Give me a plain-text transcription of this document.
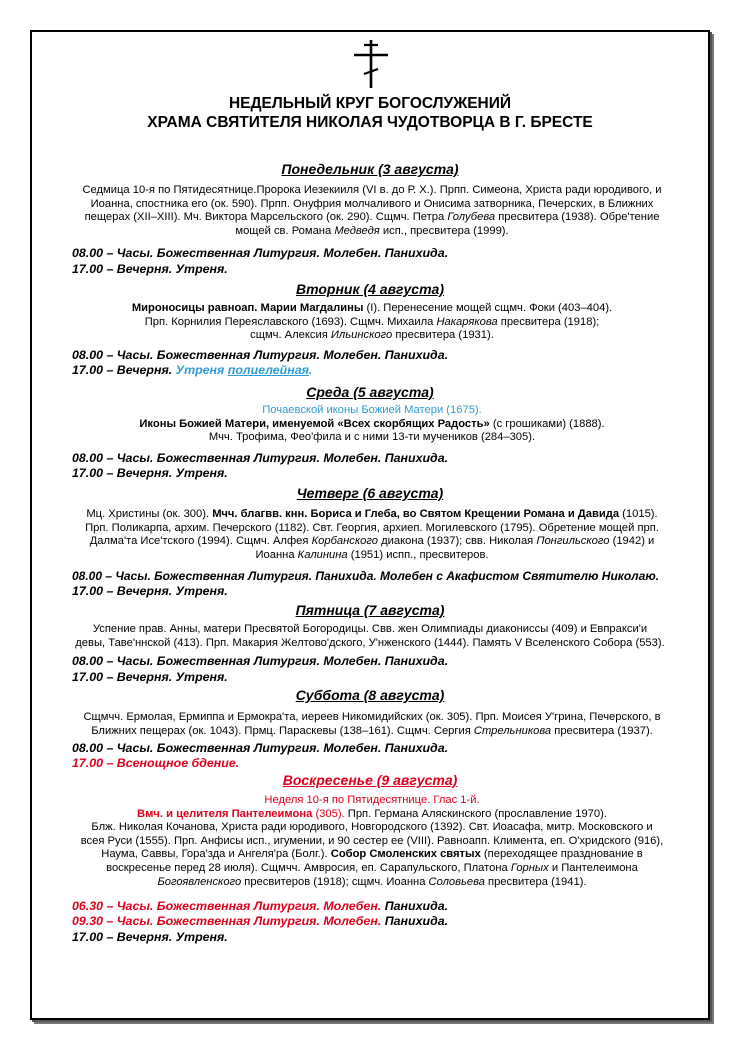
НЕДЕЛЬНЫЙ КРУГ БОГОСЛУЖЕНИЙ
ХРАМА СВЯТИТЕЛЯ НИКОЛАЯ ЧУДОТВОРЦА В Г. БРЕСТЕ
Понедельник (3 августа)

Седмица 10-я по Пятидесятнице.Пророка Иезекииля (VI в. до Р. Х.). Прпп. Симеона, Христа ради юродивого, и

Иоанна, спостника его (ок. 590). Прпп. Онуфрия молчаливого и Онисима затворника, Печерских, в Ближних

пещерах (XII–XIII). Мч. Виктора Марсельского (ок. 290). Сщмч. Петра Голубева пресвитера (1938). Обре'тение

мощей св. Романа Медведя исп., пресвитера (1999).

08.00 – Часы. Божественная Литургия. Молебен. Панихида.
17.00 – Вечерня. Утреня.
Вторник (4 августа)

Мироносицы равноап. Марии Магдалины (I). Перенесение мощей сщмч. Фоки (403–404).

Прп. Корнилия Переяславского (1693). Сщмч. Михаила Накарякова пресвитера (1918);

сщмч. Алексия Ильинского пресвитера (1931).

08.00 – Часы. Божественная Литургия. Молебен. Панихида.
17.00 – Вечерня. Утреня полиелейная.
Среда (5 августа)

Почаевской иконы Божией Матери (1675).

Иконы Божией Матери, именуемой «Всех скорбящих Радость» (с грошиками) (1888).

Мчч. Трофима, Фео'фила и с ними 13-ти мучеников (284–305).

08.00 – Часы. Божественная Литургия. Молебен. Панихида.
17.00 – Вечерня. Утреня.
Четверг (6 августа)

Мц. Христины (ок. 300). Мчч. благвв. кнн. Бориса и Глеба, во Святом Крещении Романа и Давида (1015).

Прп. Поликарпа, архим. Печерского (1182). Свт. Георгия, архиеп. Могилевского (1795). Обретение мощей прп.

Далма'та Исе'тского (1994). Сщмч. Алфея Корбанского диакона (1937); свв. Николая Понгильского (1942) и

Иоанна Калинина (1951) испп., пресвитеров.

08.00 – Часы. Божественная Литургия. Панихида. Молебен с Акафистом Святителю Николаю.
17.00 – Вечерня. Утреня.
Пятница (7 августа)

Успение прав. Анны, матери Пресвятой Богородицы. Свв. жен Олимпиады диакониссы (409) и Евпракси'и

девы, Таве'ннской (413). Прп. Макария Желтово'дского, У'нженского (1444). Память V Вселенского Собора (553).

08.00 – Часы. Божественная Литургия. Молебен. Панихида.
17.00 – Вечерня. Утреня.
Суббота (8 августа)

Сщмчч. Ермолая, Ермиппа и Ермокра'та, иереев Никомидийских (ок. 305). Прп. Моисея У'грина, Печерского, в

Ближних пещерах (ок. 1043). Прмц. Параскевы (138–161). Сщмч. Сергия Стрельникова пресвитера (1937).

08.00 – Часы. Божественная Литургия. Молебен. Панихида.
17.00 – Всенощное бдение.
Воскресенье (9 августа)

Неделя 10-я по Пятидесятнице. Глас 1-й.

Вмч. и целителя Пантелеимона (305). Прп. Германа Аляскинского (прославление 1970).

Блж. Николая Кочанова, Христа ради юродивого, Новгородского (1392). Свт. Иоасафа, митр. Московского и

всея Руси (1555). Прп. Анфисы исп., игумении, и 90 сестер ее (VIII). Равноапп. Климента, еп. О'хридского (916),

Наума, Саввы, Гора'зда и Ангеля'ра (Болг.). Собор Смоленских святых (переходящее празднование в

воскресенье перед 28 июля). Сщмчч. Амвросия, еп. Сарапульского, Платона Горных и Пантелеимона

Богоявленского пресвитеров (1918); сщмч. Иоанна Соловьева пресвитера (1941).

06.30 – Часы. Божественная Литургия. Молебен. Панихида.
09.30 – Часы. Божественная Литургия. Молебен. Панихида.
17.00 – Вечерня. Утреня.
